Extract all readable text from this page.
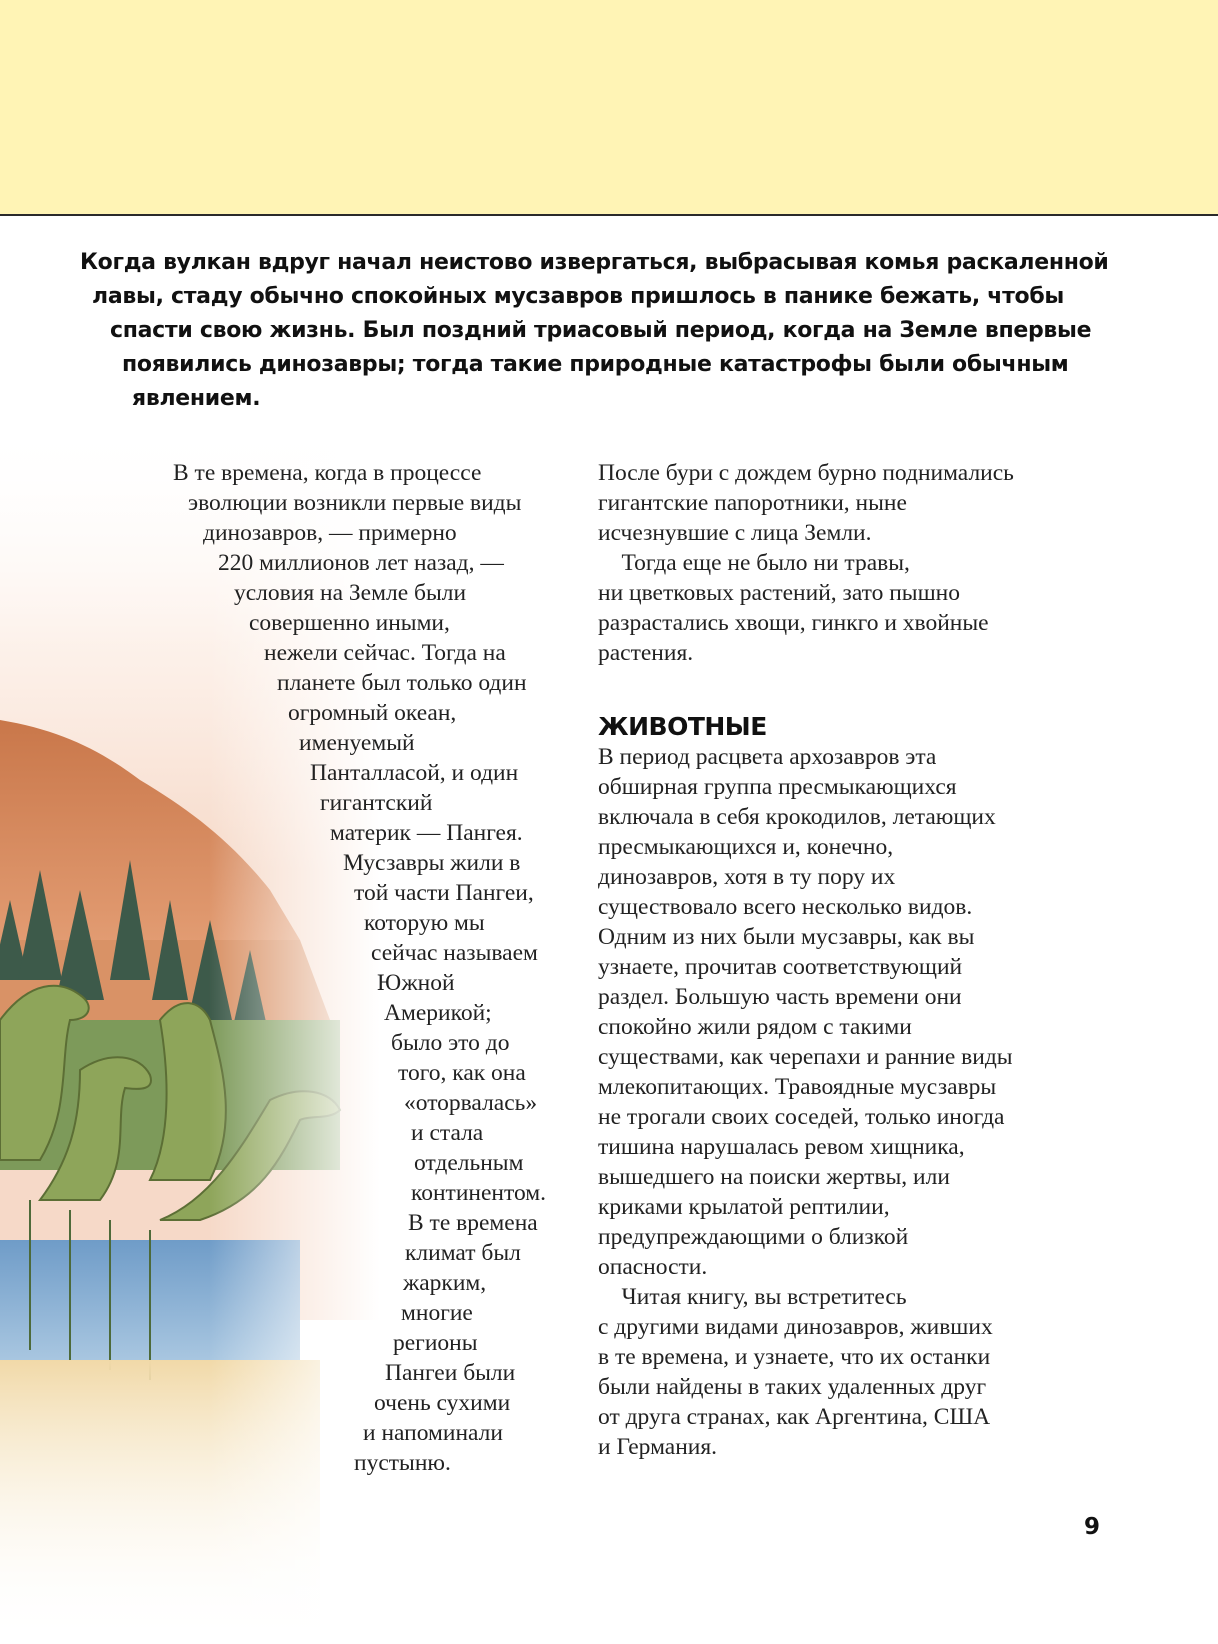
Когда вулкан вдруг начал неистово извергаться, выбрасывая комья раскаленной
лавы, стаду обычно спокойных мусзавров пришлось в панике бежать, чтобы
спасти свою жизнь. Был поздний триасовый период, когда на Земле впервые
появились динозавры; тогда такие природные катастрофы были обычным
явлением.
В те времена, когда в процессе
эволюции возникли первые виды
динозавров, — примерно
220 миллионов лет назад, —
условия на Земле были
совершенно иными,
нежели сейчас. Тогда на
планете был только один
огромный океан,
именуемый
Панталласой, и один
гигантский
материк — Пангея.
Мусзавры жили в
той части Пангеи,
которую мы
сейчас называем
Южной
Америкой;
было это до
того, как она
«оторвалась»
и стала
отдельным
континентом.
В те времена
климат был
жарким,
многие
регионы
Пангеи были
очень сухими
и напоминали
пустыню.
После бури с дождем бурно поднимались
гигантские папоротники, ныне
исчезнувшие с лица Земли.
Тогда еще не было ни травы,
ни цветковых растений, зато пышно
разрастались хвощи, гинкго и хвойные
растения.
ЖИВОТНЫЕ
В период расцвета архозавров эта
обширная группа пресмыкающихся
включала в себя крокодилов, летающих
пресмыкающихся и, конечно,
динозавров, хотя в ту пору их
существовало всего несколько видов.
Одним из них были мусзавры, как вы
узнаете, прочитав соответствующий
раздел. Большую часть времени они
спокойно жили рядом с такими
существами, как черепахи и ранние виды
млекопитающих. Травоядные мусзавры
не трогали своих соседей, только иногда
тишина нарушалась ревом хищника,
вышедшего на поиски жертвы, или
криками крылатой рептилии,
предупреждающими о близкой
опасности.
Читая книгу, вы встретитесь
с другими видами динозавров, живших
в те времена, и узнаете, что их останки
были найдены в таких удаленных друг
от друга странах, как Аргентина, США
и Германия.
9
